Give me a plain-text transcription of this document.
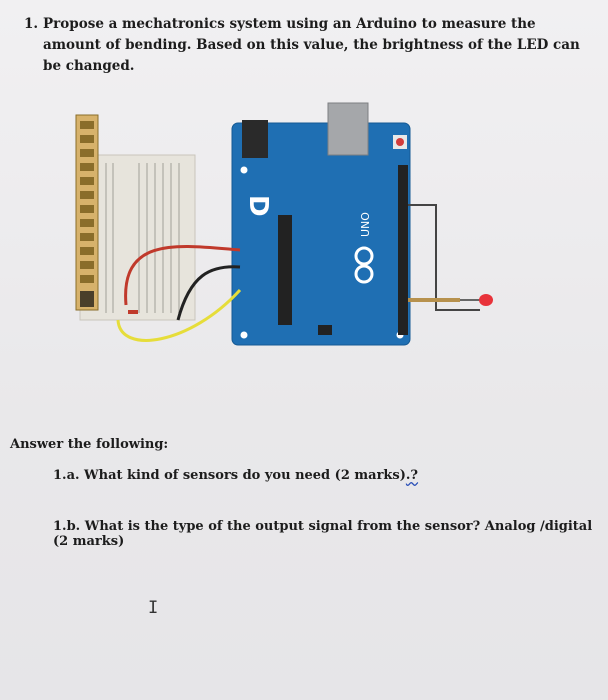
1. Propose a mechatronics system using an Arduino to measure the amount of bending. Based on this value, the brightness of the LED can be changed.
D
UNO
Answer the following:
1.a. What kind of sensors do you need (2 marks).?
1.b. What is the type of the output signal from the sensor? Analog /digital (2 marks)
I
